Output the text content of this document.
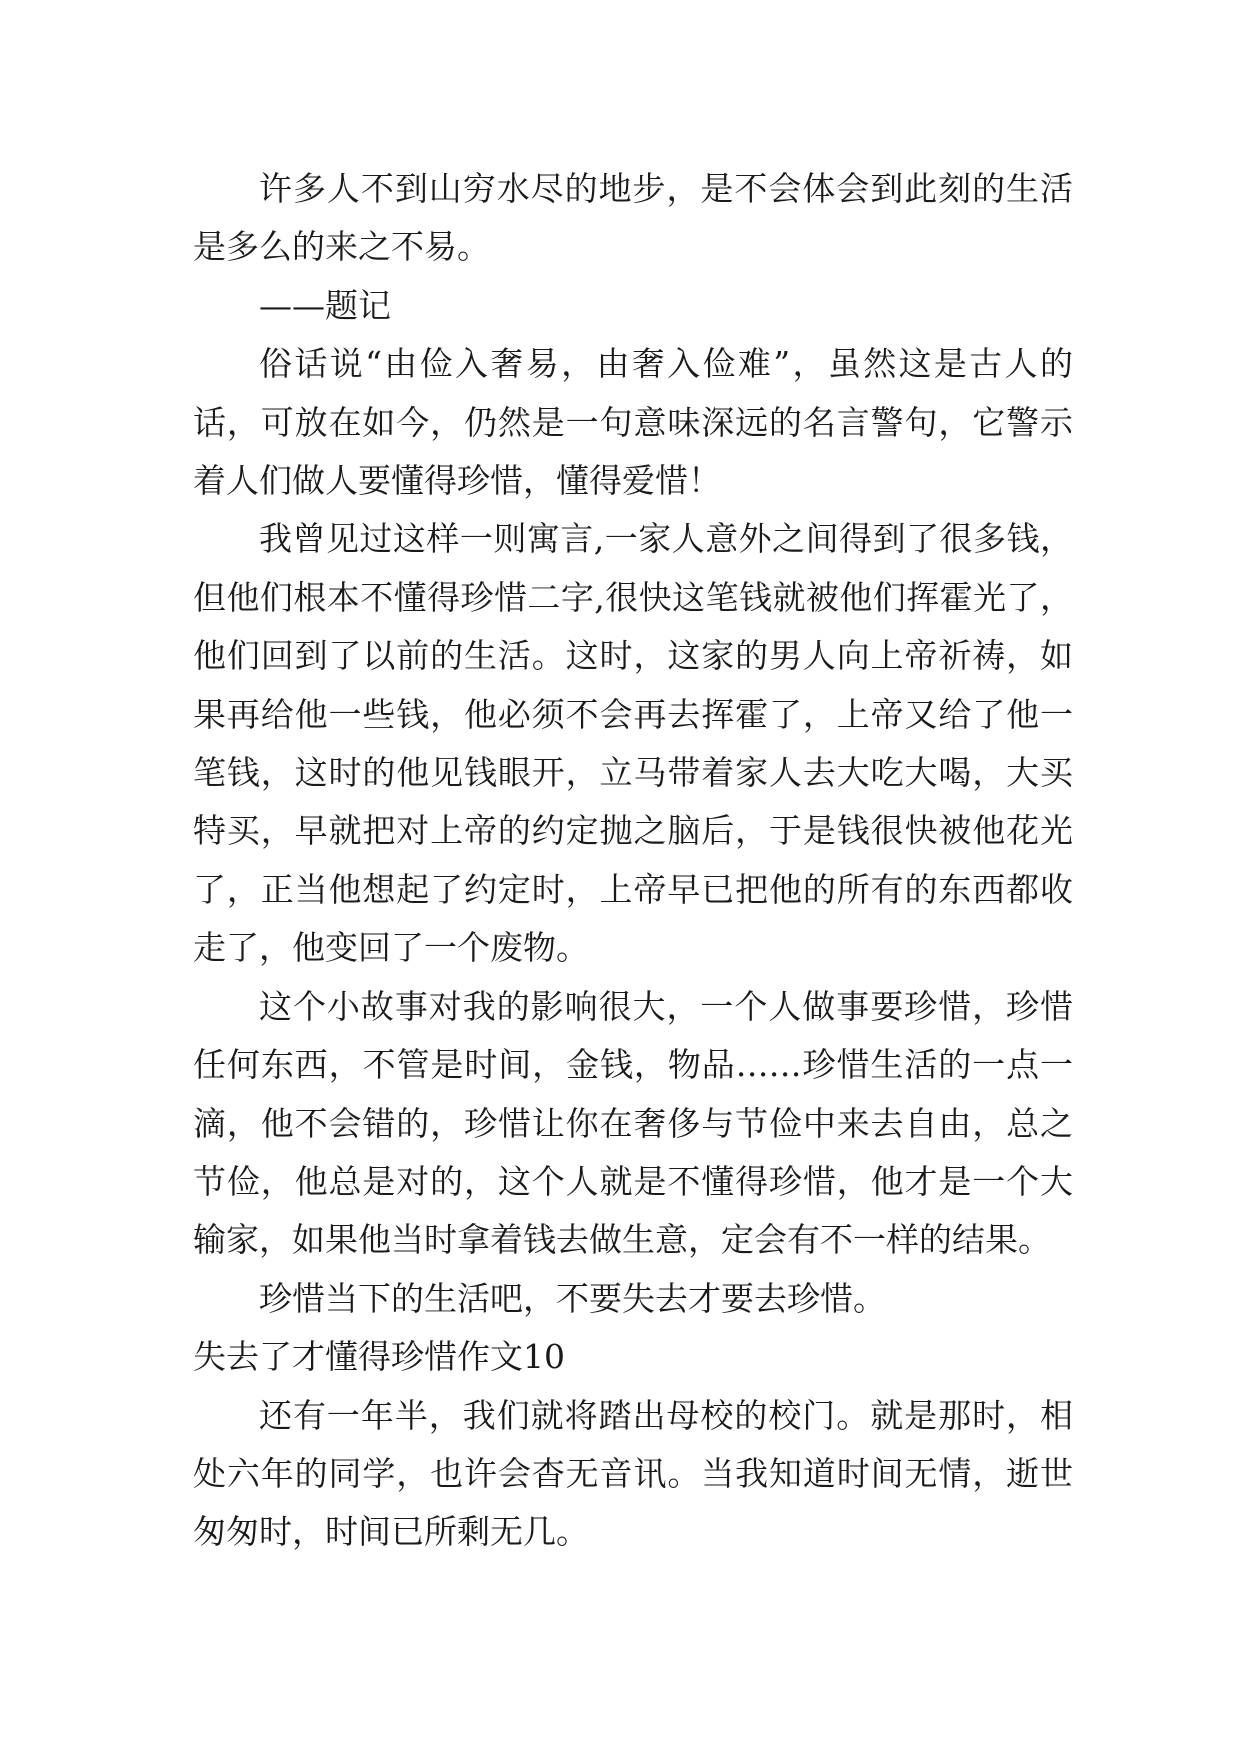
许多人不到山穷水尽的地步，是不会体会到此刻的生活是多么的来之不易。

——题记

俗话说“由俭入奢易，由奢入俭难”，虽然这是古人的话，可放在如今，仍然是一句意味深远的名言警句，它警示着人们做人要懂得珍惜，懂得爱惜！

我曾见过这样一则寓言,一家人意外之间得到了很多钱，但他们根本不懂得珍惜二字,很快这笔钱就被他们挥霍光了，他们回到了以前的生活。这时，这家的男人向上帝祈祷，如果再给他一些钱，他必须不会再去挥霍了，上帝又给了他一笔钱，这时的他见钱眼开，立马带着家人去大吃大喝，大买特买，早就把对上帝的约定抛之脑后，于是钱很快被他花光了，正当他想起了约定时，上帝早已把他的所有的东西都收走了，他变回了一个废物。

这个小故事对我的影响很大，一个人做事要珍惜，珍惜任何东西，不管是时间，金钱，物品……珍惜生活的一点一滴，他不会错的，珍惜让你在奢侈与节俭中来去自由，总之节俭，他总是对的，这个人就是不懂得珍惜，他才是一个大输家，如果他当时拿着钱去做生意，定会有不一样的结果。

珍惜当下的生活吧，不要失去才要去珍惜。

失去了才懂得珍惜作文10

还有一年半，我们就将踏出母校的校门。就是那时，相处六年的同学，也许会杳无音讯。当我知道时间无情，逝世匆匆时，时间已所剩无几。
